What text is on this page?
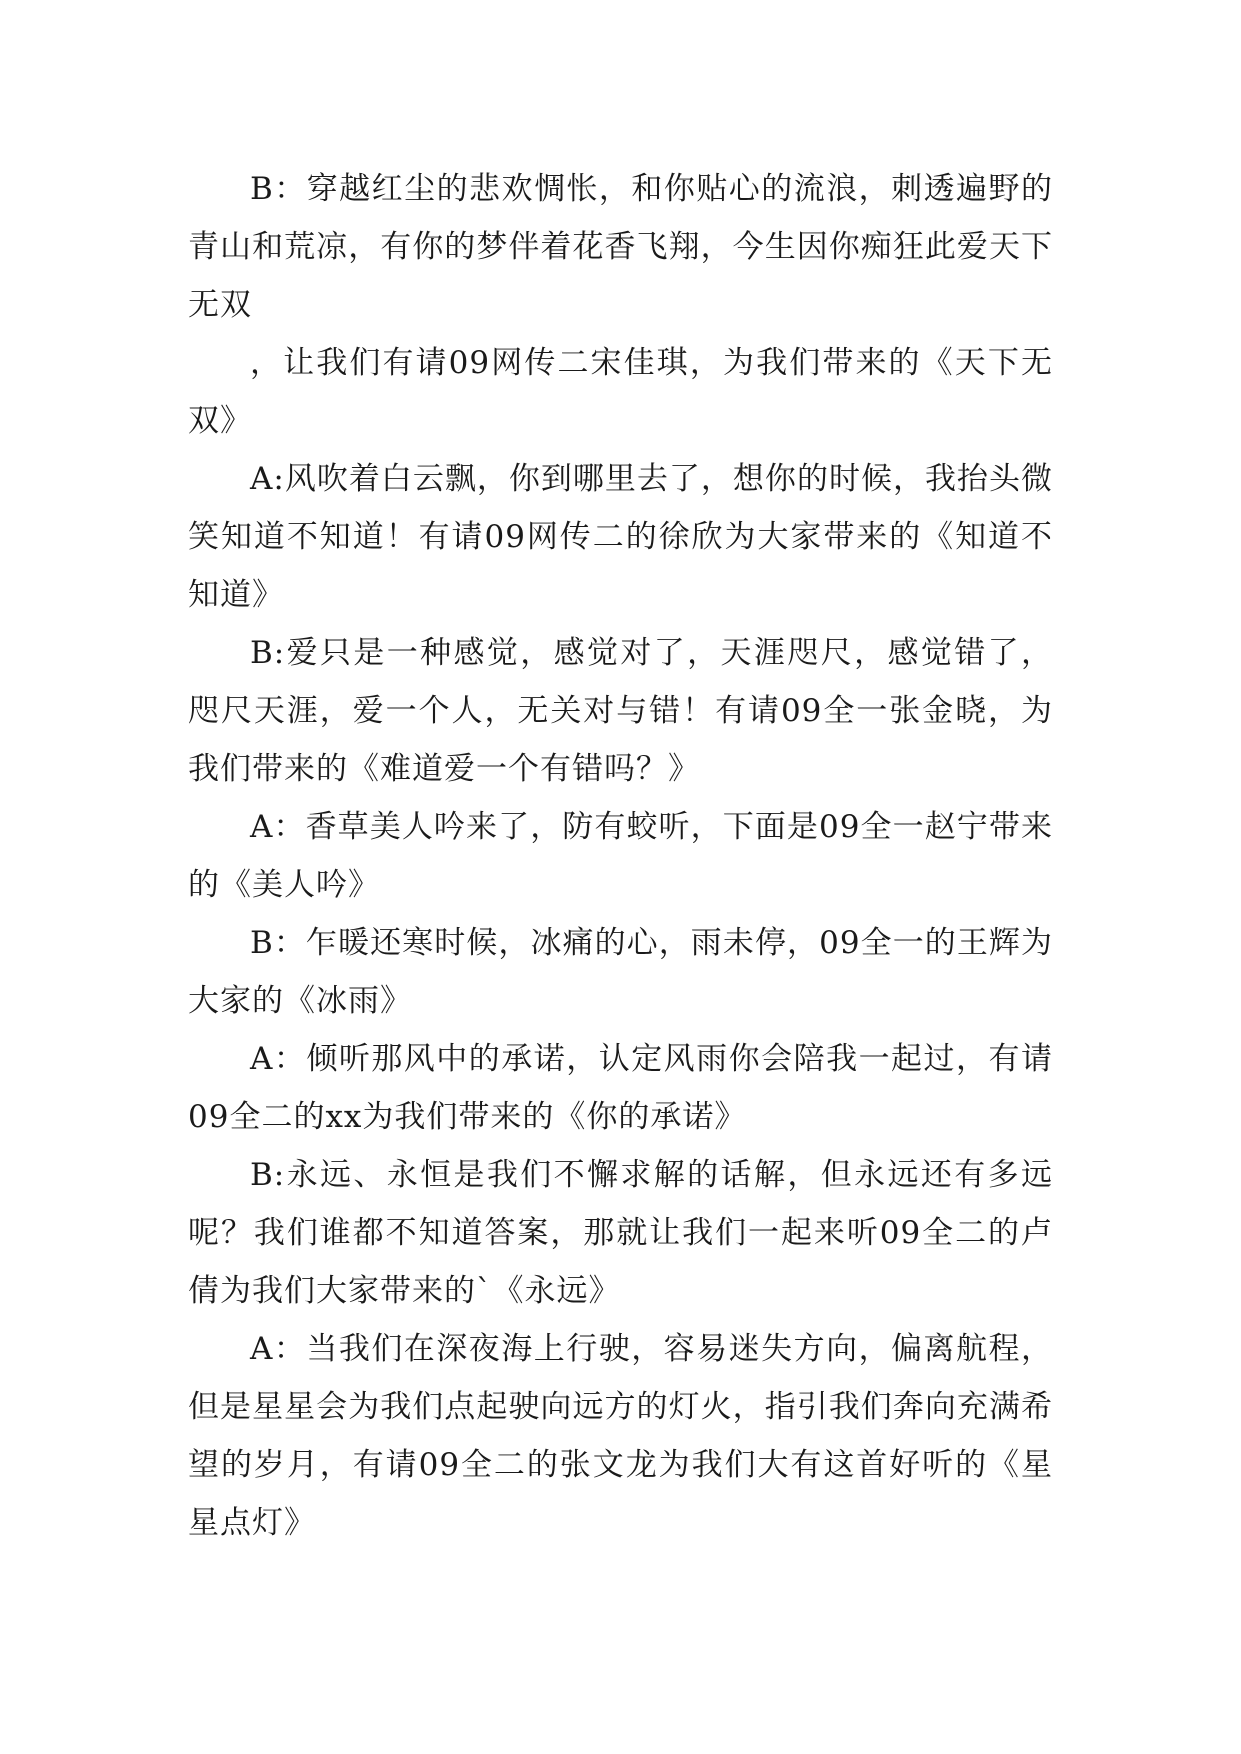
B：穿越红尘的悲欢惆怅，和你贴心的流浪，刺透遍野的青山和荒凉，有你的梦伴着花香飞翔，今生因你痴狂此爱天下无双

，让我们有请09网传二宋佳琪，为我们带来的《天下无双》

A:风吹着白云飘，你到哪里去了，想你的时候，我抬头微笑知道不知道！有请09网传二的徐欣为大家带来的《知道不知道》

B:爱只是一种感觉，感觉对了，天涯咫尺，感觉错了，咫尺天涯，爱一个人，无关对与错！有请09全一张金晓，为我们带来的《难道爱一个有错吗？》

A：香草美人吟来了，防有蛟听，下面是09全一赵宁带来的《美人吟》

B：乍暖还寒时候，冰痛的心，雨未停，09全一的王辉为大家的《冰雨》

A：倾听那风中的承诺，认定风雨你会陪我一起过，有请09全二的xx为我们带来的《你的承诺》

B:永远、永恒是我们不懈求解的话解，但永远还有多远呢？我们谁都不知道答案，那就让我们一起来听09全二的卢倩为我们大家带来的`《永远》

A：当我们在深夜海上行驶，容易迷失方向，偏离航程，但是星星会为我们点起驶向远方的灯火，指引我们奔向充满希望的岁月，有请09全二的张文龙为我们大有这首好听的《星星点灯》
